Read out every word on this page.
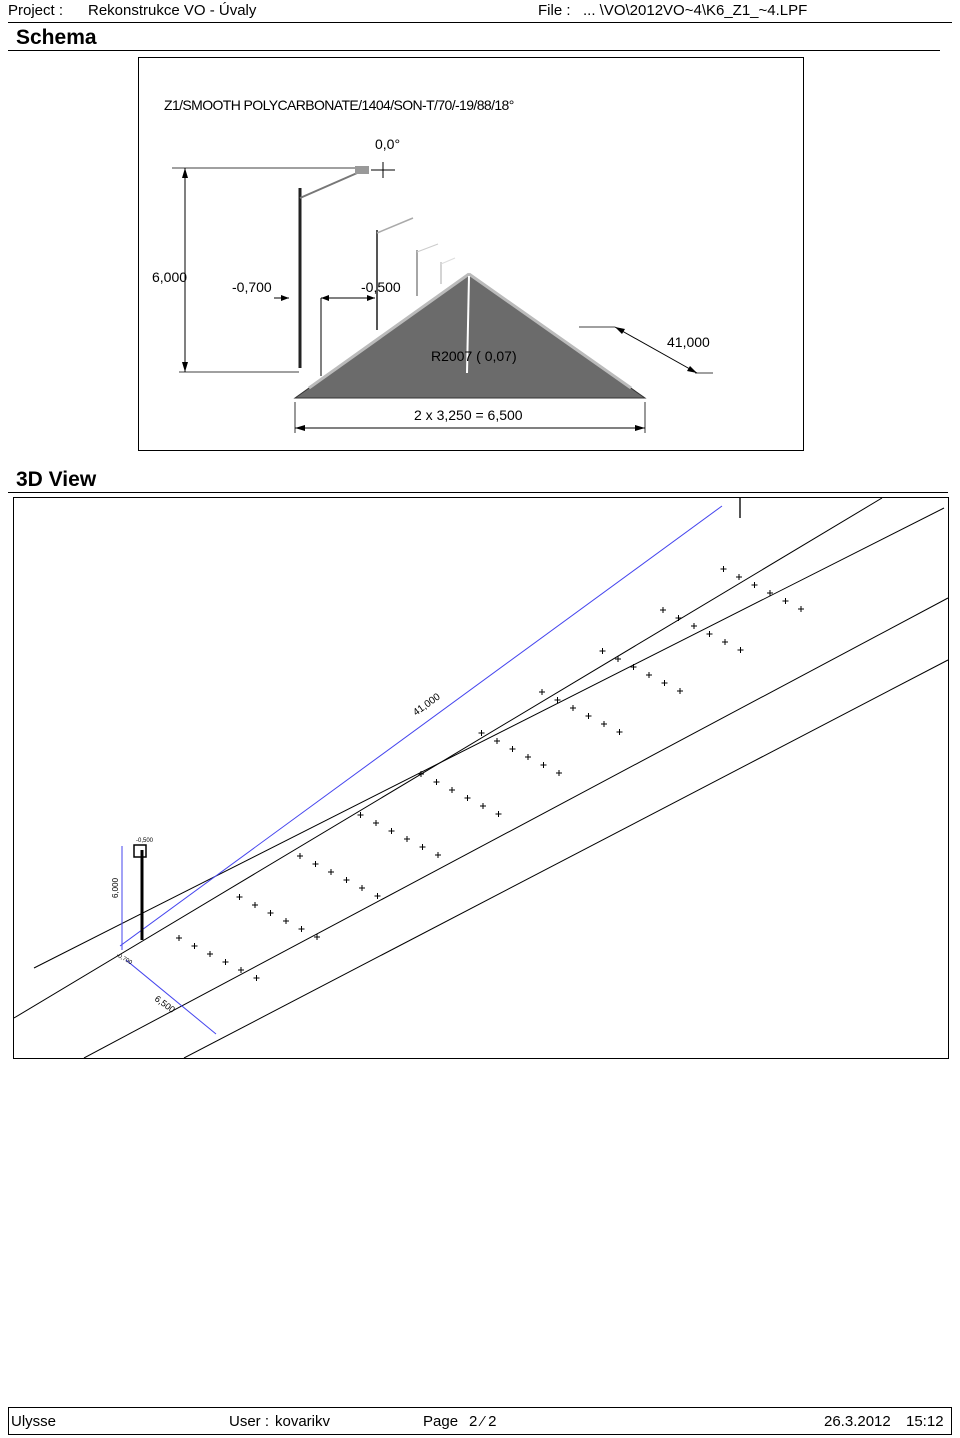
Project : Rekonstrukce VO - Úvaly	File : ... \VO\2012VO~4\K6_Z1_~4.LPF
Schema
Z1/SMOOTH POLYCARBONATE/1404/SON-T/70/-19/88/18°
0,0°
6,000
-0,700	-0,500
R2007 ( 0,07)
41,000
2 x 3,250 = 6,500
3D View
41,000
6,500
6,000
-0,500
-0,700
Ulysse	User : kovarikv	Page 2 ⁄ 2	26.3.2012 15:12
